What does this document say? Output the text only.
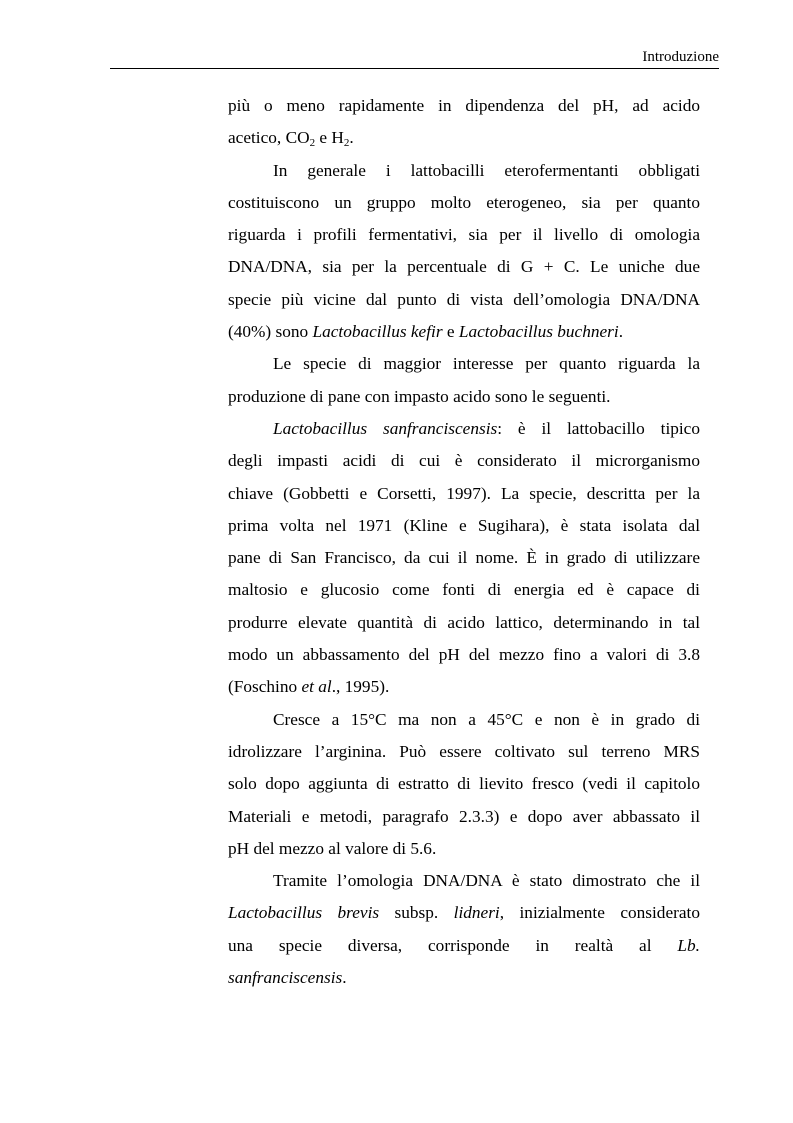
Introduzione

più o meno rapidamente in dipendenza del pH, ad acido
acetico, $CO_2$ e $H_2$.

In generale i lattobacilli eterofermentanti obbligati
costituiscono un gruppo molto eterogeneo, sia per quanto
riguarda i profili fermentativi, sia per il livello di omologia
DNA/DNA, sia per la percentuale di G + C. Le uniche due
specie più vicine dal punto di vista dell’omologia DNA/DNA
(40%) sono Lactobacillus kefir e Lactobacillus buchneri.

Le specie di maggior interesse per quanto riguarda la
produzione di pane con impasto acido sono le seguenti.

Lactobacillus sanfranciscensis: è il lattobacillo tipico
degli impasti acidi di cui è considerato il microrganismo
chiave (Gobbetti e Corsetti, 1997). La specie, descritta per la
prima volta nel 1971 (Kline e Sugihara), è stata isolata dal
pane di San Francisco, da cui il nome. È in grado di utilizzare
maltosio e glucosio come fonti di energia ed è capace di
produrre elevate quantità di acido lattico, determinando in tal
modo un abbassamento del pH del mezzo fino a valori di 3.8
(Foschino et al., 1995).

Cresce a 15°C ma non a 45°C e non è in grado di
idrolizzare l’arginina. Può essere coltivato sul terreno MRS
solo dopo aggiunta di estratto di lievito fresco (vedi il capitolo
Materiali e metodi, paragrafo 2.3.3) e dopo aver abbassato il
pH del mezzo al valore di 5.6.

Tramite l’omologia DNA/DNA è stato dimostrato che il
Lactobacillus brevis subsp. lidneri, inizialmente considerato
una specie diversa, corrisponde in realtà al Lb.
sanfranciscensis.
